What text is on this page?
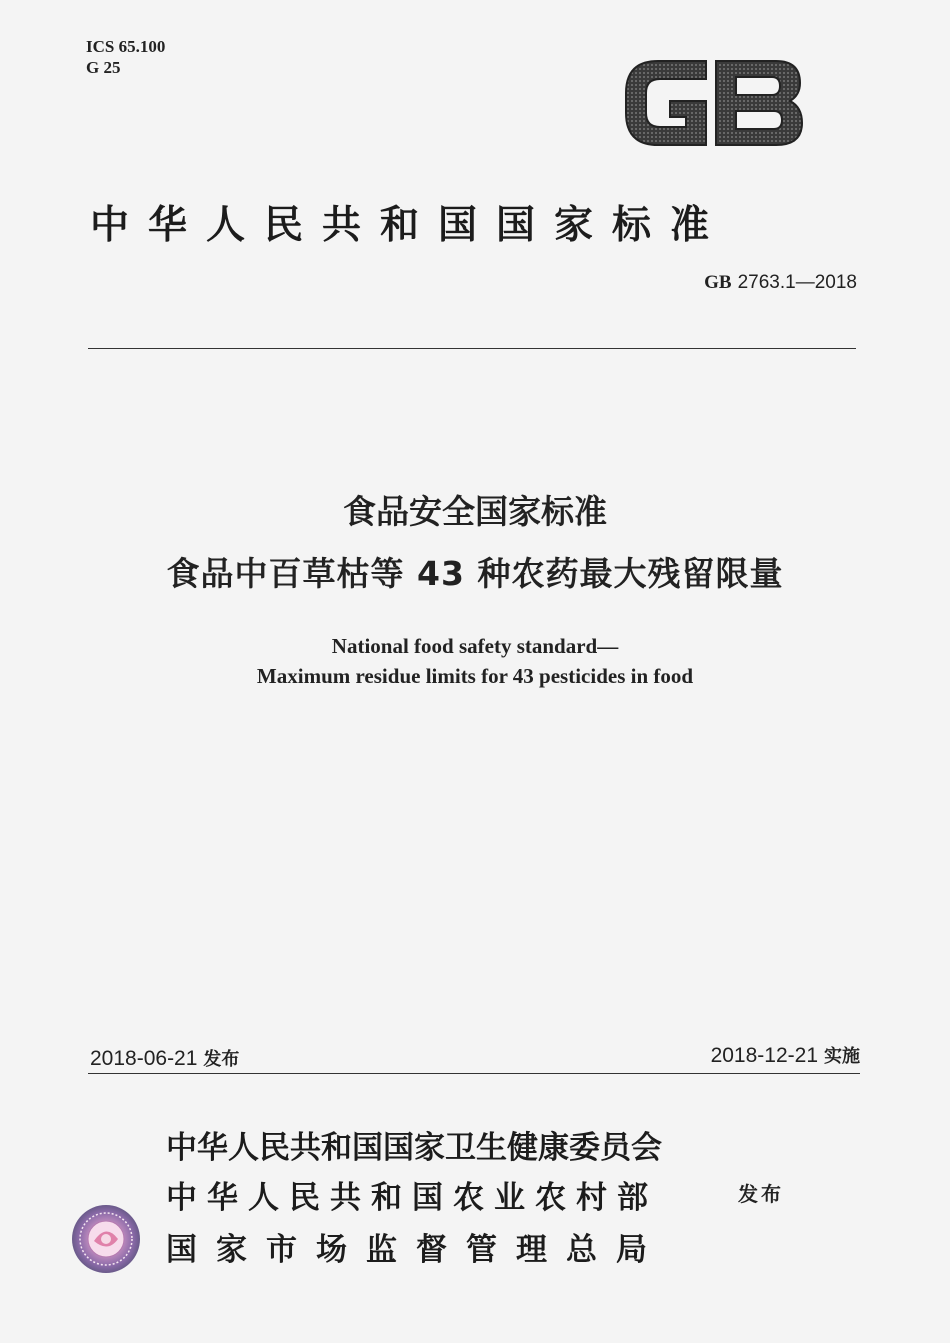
ICS 65.100
G 25
中华人民共和国国家标准
GB 2763.1—2018
食品安全国家标准
食品中百草枯等 43 种农药最大残留限量
National food safety standard—
Maximum residue limits for 43 pesticides in food
2018-06-21 发布	2018-12-21 实施
中华人民共和国国家卫生健康委员会
中华人民共和国农业农村部
国家市场监督管理总局
发布
